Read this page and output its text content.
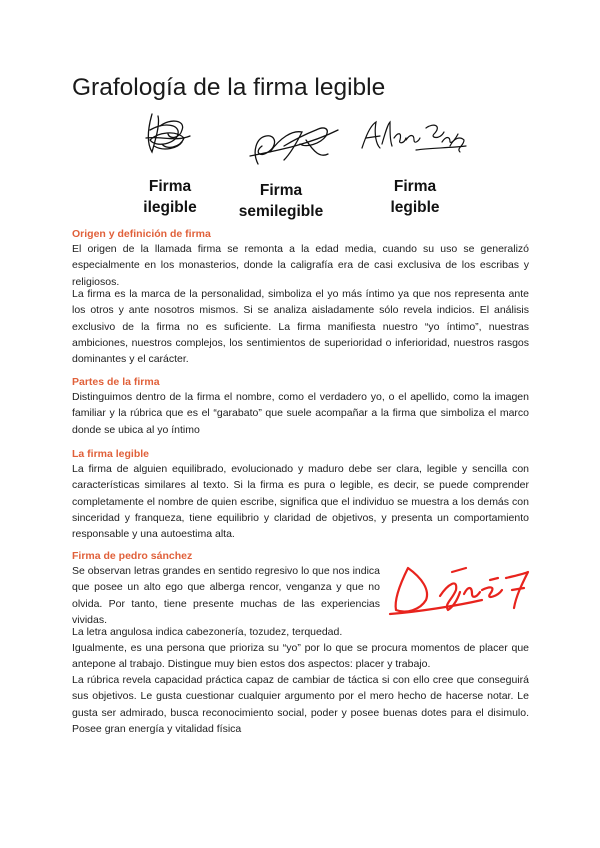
Grafología de la firma legible
Firma
ilegible
Firma
semilegible
Firma
legible
Origen y definición de firma

El origen de la llamada firma se remonta a la edad media, cuando su uso se generalizó especialmente en los monasterios, donde la caligrafía era de casi exclusiva de los escribas y religiosos.

La firma es la marca de la personalidad, simboliza el yo más íntimo ya que nos representa ante los otros y ante nosotros mismos. Si se analiza aisladamente sólo revela indicios. El análisis exclusivo de la firma no es suficiente. La firma manifiesta nuestro “yo íntimo”, nuestras ambiciones, nuestros complejos, los sentimientos de superioridad o inferioridad, nuestros rasgos dominantes y el carácter.

Partes de la firma

Distinguimos dentro de la firma el nombre, como el verdadero yo, o el apellido, como la imagen familiar y la rúbrica que es el “garabato” que suele acompañar a la firma que simboliza el marco donde se ubica al yo íntimo

La firma legible

La firma de alguien equilibrado, evolucionado y maduro debe ser clara, legible y sencilla con características similares al texto. Si la firma es pura o legible, es decir, se puede comprender completamente el nombre de quien escribe, significa que el individuo se muestra a los demás con sinceridad y franqueza, tiene equilibrio y claridad de objetivos, y presenta un comportamiento responsable y una autoestima alta.

Firma de pedro sánchez

Se observan letras grandes en sentido regresivo lo que nos indica que posee un alto ego que alberga rencor, venganza y que no olvida. Por tanto, tiene presente muchas de las experiencias vividas.

La letra angulosa indica cabezonería, tozudez, terquedad.

Igualmente, es una persona que prioriza su “yo” por lo que se procura momentos de placer que antepone al trabajo. Distingue muy bien estos dos aspectos: placer y trabajo.

La rúbrica revela capacidad práctica capaz de cambiar de táctica si con ello cree que conseguirá sus objetivos. Le gusta cuestionar cualquier argumento por el mero hecho de hacerse notar. Le gusta ser admirado, busca reconocimiento social, poder y posee buenas dotes para el disimulo. Posee gran energía y vitalidad física
